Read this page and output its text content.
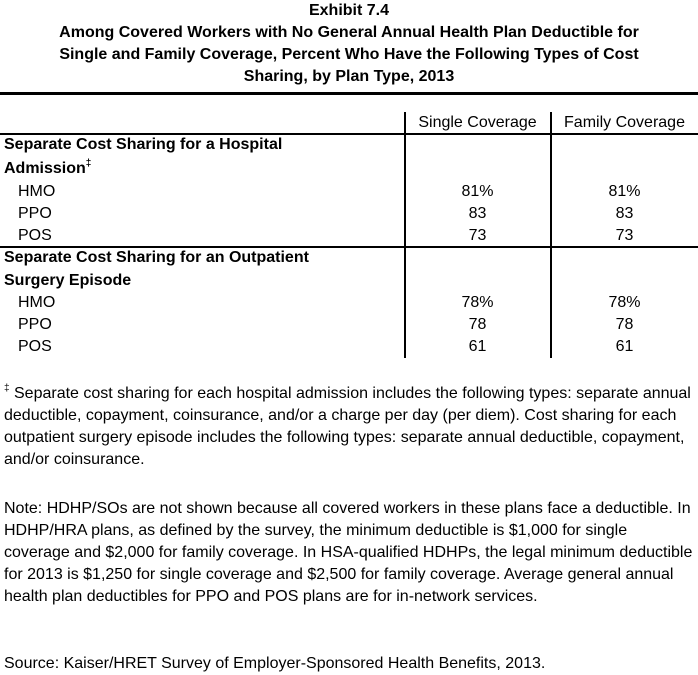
Exhibit 7.4
Among Covered Workers with No General Annual Health Plan Deductible for
Single and Family Coverage, Percent Who Have the Following Types of Cost
Sharing, by Plan Type, 2013
Single Coverage	Family Coverage
Separate Cost Sharing for a Hospital
Admission‡
HMO	81%	81%
PPO	83	83
POS	73	73
Separate Cost Sharing for an Outpatient
Surgery Episode
HMO	78%	78%
PPO	78	78
POS	61	61
‡ Separate cost sharing for each hospital admission includes the following types: separate annual deductible, copayment, coinsurance, and/or a charge per day (per diem). Cost sharing for each outpatient surgery episode includes the following types: separate annual deductible, copayment, and/or coinsurance.
Note: HDHP/SOs are not shown because all covered workers in these plans face a deductible. In HDHP/HRA plans, as defined by the survey, the minimum deductible is $1,000 for single coverage and $2,000 for family coverage. In HSA-qualified HDHPs, the legal minimum deductible for 2013 is $1,250 for single coverage and $2,500 for family coverage. Average general annual health plan deductibles for PPO and POS plans are for in-network services.
Source: Kaiser/HRET Survey of Employer-Sponsored Health Benefits, 2013.
